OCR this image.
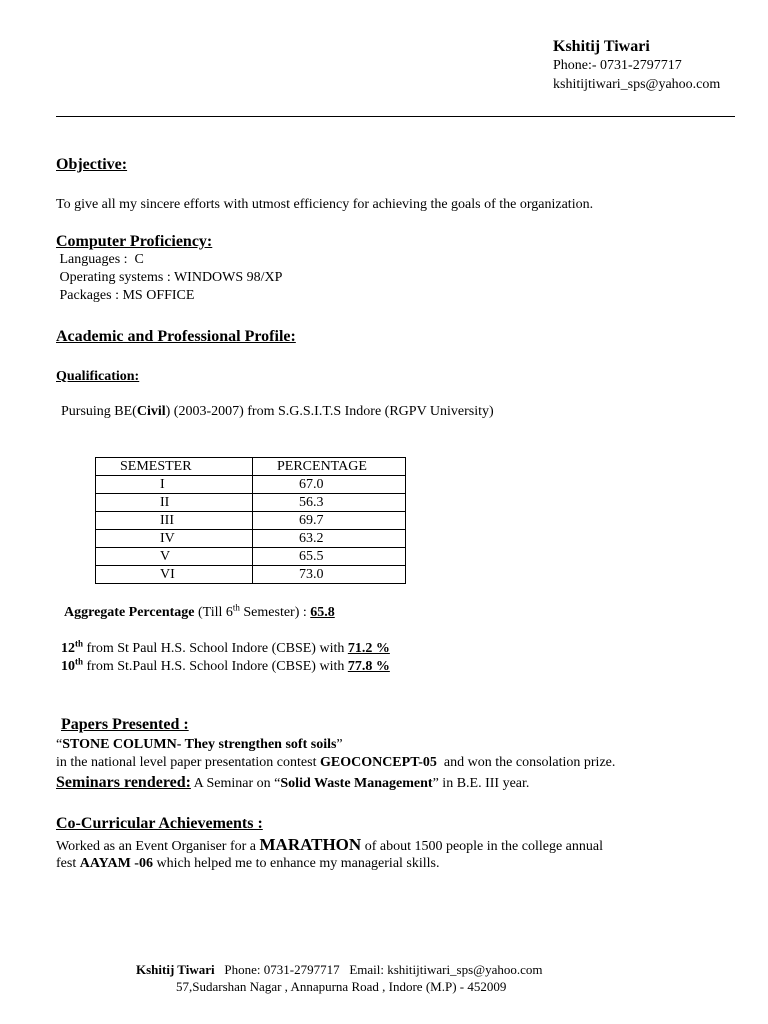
Kshitij Tiwari
Phone:- 0731-2797717
kshitijtiwari_sps@yahoo.com
Objective:
To give all my sincere efforts with utmost efficiency for achieving the goals of the organization.
Computer Proficiency:
Languages :  C
Operating systems : WINDOWS 98/XP
Packages : MS OFFICE
Academic and Professional Profile:
Qualification:
Pursuing BE(Civil) (2003-2007) from S.G.S.I.T.S Indore (RGPV University)
SEMESTER	PERCENTAGE
I	67.0
II	56.3
III	69.7
IV	63.2
V	65.5
VI	73.0
Aggregate Percentage (Till 6th Semester) : 65.8
12th from St Paul H.S. School Indore (CBSE) with 71.2 %
10th from St.Paul H.S. School Indore (CBSE) with 77.8 %
Papers Presented :
“STONE COLUMN- They strengthen soft soils”
in the national level paper presentation contest GEOCONCEPT-05  and won the consolation prize.
Seminars rendered: A Seminar on “Solid Waste Management” in B.E. III year.
Co-Curricular Achievements :
Worked as an Event Organiser for a MARATHON of about 1500 people in the college annual
fest AAYAM -06 which helped me to enhance my managerial skills.
Kshitij Tiwari   Phone: 0731-2797717   Email: kshitijtiwari_sps@yahoo.com
57,Sudarshan Nagar , Annapurna Road , Indore (M.P) - 452009
